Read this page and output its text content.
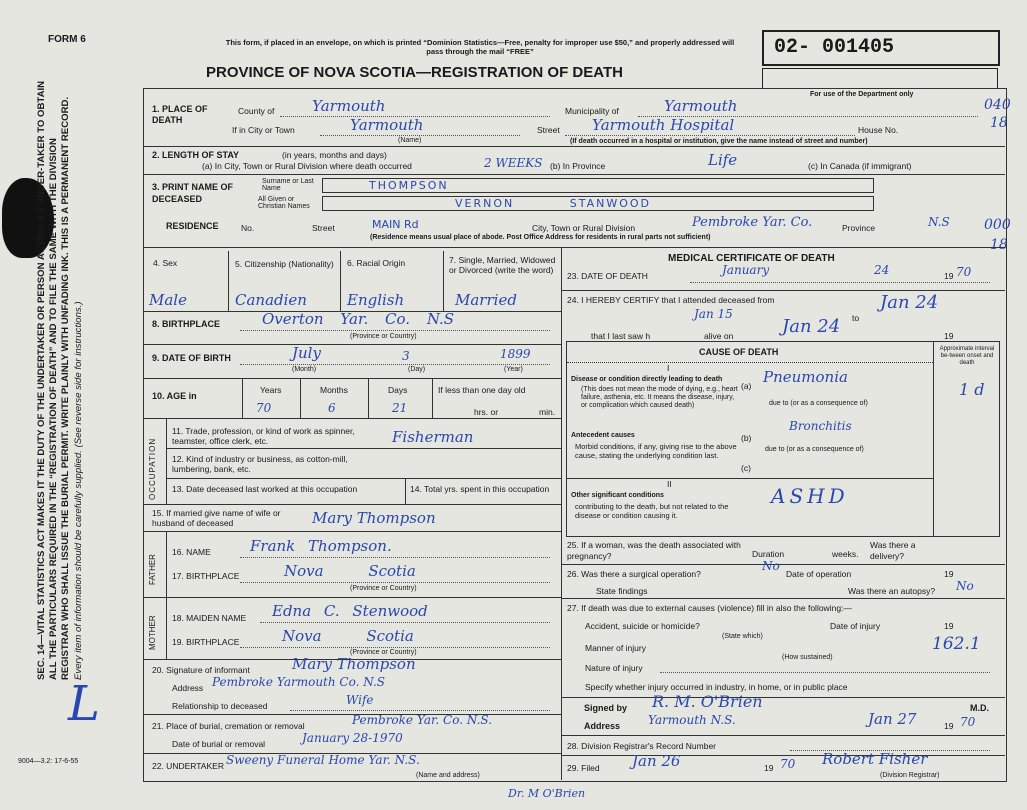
FORM 6
SEC. 14—VITAL STATISTICS ACT MAKES IT THE DUTY OF THE UNDERTAKER OR PERSON ACTING AS UNDER-TAKER TO OBTAIN ALL THE PARTICULARS REQUIRED IN THE “REGISTRATION OF DEATH” AND TO FILE THE SAME WITH THE DIVISION REGISTRAR WHO SHALL ISSUE THE BURIAL PERMIT. WRITE PLAINLY WITH UNFADING INK. THIS IS A PERMANENT RECORD. Every item of information should be carefully supplied. (See reverse side for instructions.)
L
9004—3.2: 17-6-55
This form, if placed in an envelope, on which is printed “Dominion Statistics—Free, penalty for improper use $50,” and properly addressed will pass through the mail “FREE”
PROVINCE OF NOVA SCOTIA—REGISTRATION OF DEATH
02- 001405
For use of the Department only
040
18
000
18
1. PLACE OF DEATH
County of	Yarmouth	Municipality of	Yarmouth
If in City or Town	Yarmouth
(Name)
Street Yarmouth Hospital	House No.
(If death occurred in a hospital or institution, give the name instead of street and number)
2. LENGTH OF STAY	(in years, months and days)
(a) In City, Town or Rural Division where death occurred	2 WEEKS (b) In Province	Life	(c) In Canada (if immigrant)
3. PRINT NAME OF DECEASED
Surname or Last Name	THOMPSON
All Given or Christian Names	VERNON STANWOOD
RESIDENCE	No.	Street	MAIN Rd	City, Town or Rural Division	Pembroke Yar. Co.	Province	N.S
(Residence means usual place of abode. Post Office Address for residents in rural parts not sufficient)
4. Sex	5. Citizenship (Nationality) 6. Racial Origin	7. Single, Married, Widowed or Divorced (write the word)
Male	Canadien	English	Married
8. BIRTHPLACE	Overton Yar. Co. N.S
(Province or Country)
9. DATE OF BIRTH	July	3	1899
(Month)	(Day)	(Year)
10. AGE in
Years	Months	Days	If less than one day old
70	6	21	hrs. or	min.
OCCUPATION
11. Trade, profession, or kind of work as spinner, teamster, office clerk, etc.	Fisherman
12. Kind of industry or business, as cotton-mill, lumbering, bank, etc.
13. Date deceased last worked at this occupation	14. Total yrs. spent in this occupation
15. If married give name of wife or husband of deceased	Mary Thompson
FATHER
16. NAME	Frank Thompson.
17. BIRTHPLACE	Nova Scotia
(Province or Country)
MOTHER 18. MAIDEN NAME Edna C. Stenwood
19. BIRTHPLACE	Nova Scotia
(Province or Country)
20. Signature of informant	Mary Thompson
Address Pembroke Yarmouth Co. N.S
Relationship to deceased	Wife
21. Place of burial, cremation or removal	Pembroke Yar. Co. N.S.
Date of burial or removal	January 28-1970
22. UNDERTAKER Sweeny Funeral Home Yar. N.S.
(Name and address)
Dr. M O'Brien
MEDICAL CERTIFICATE OF DEATH
23. DATE OF DEATH	January	24	19 70
24. I HEREBY CERTIFY that I attended deceased from
Jan 15	to
Jan 24
that I last saw h	alive on	Jan 24	19
CAUSE OF DEATH	Approximate interval be-tween onset and death
I
Disease or condition directly leading to death
(This does not mean the mode of dying, e.g., heart failure, asthenia, etc. It means the disease, injury, or complication which caused death)
(a) Pneumonia
1 d
due to (or as a consequence of)
Antecedent causes
Morbid conditions, if any, giving rise to the above cause, stating the underlying condition last.
(b)
Bronchitis
due to (or as a consequence of)
(c)
II
Other significant conditions
contributing to the death, but not related to the disease or condition causing it.
ASHD
25. If a woman, was the death associated with pregnancy?	Duration	weeks.
Was there a delivery?
26. Was there a surgical operation?
No
Date of operation	19
State findings	Was there an autopsy? No
27. If death was due to external causes (violence) fill in also the following:—
Accident, suicide or homicide?	Date of injury	19
(State which)
Manner of injury	162.1
(How sustained)
Nature of injury
Specify whether injury occurred in industry, in home, or in public place
Signed by R. M. O'Brien	M.D.
Address Yarmouth N.S.	Jan 27	19 70
28. Division Registrar's Record Number
29. Filed Jan 26	19 70 Robert Fisher
(Division Registrar)
